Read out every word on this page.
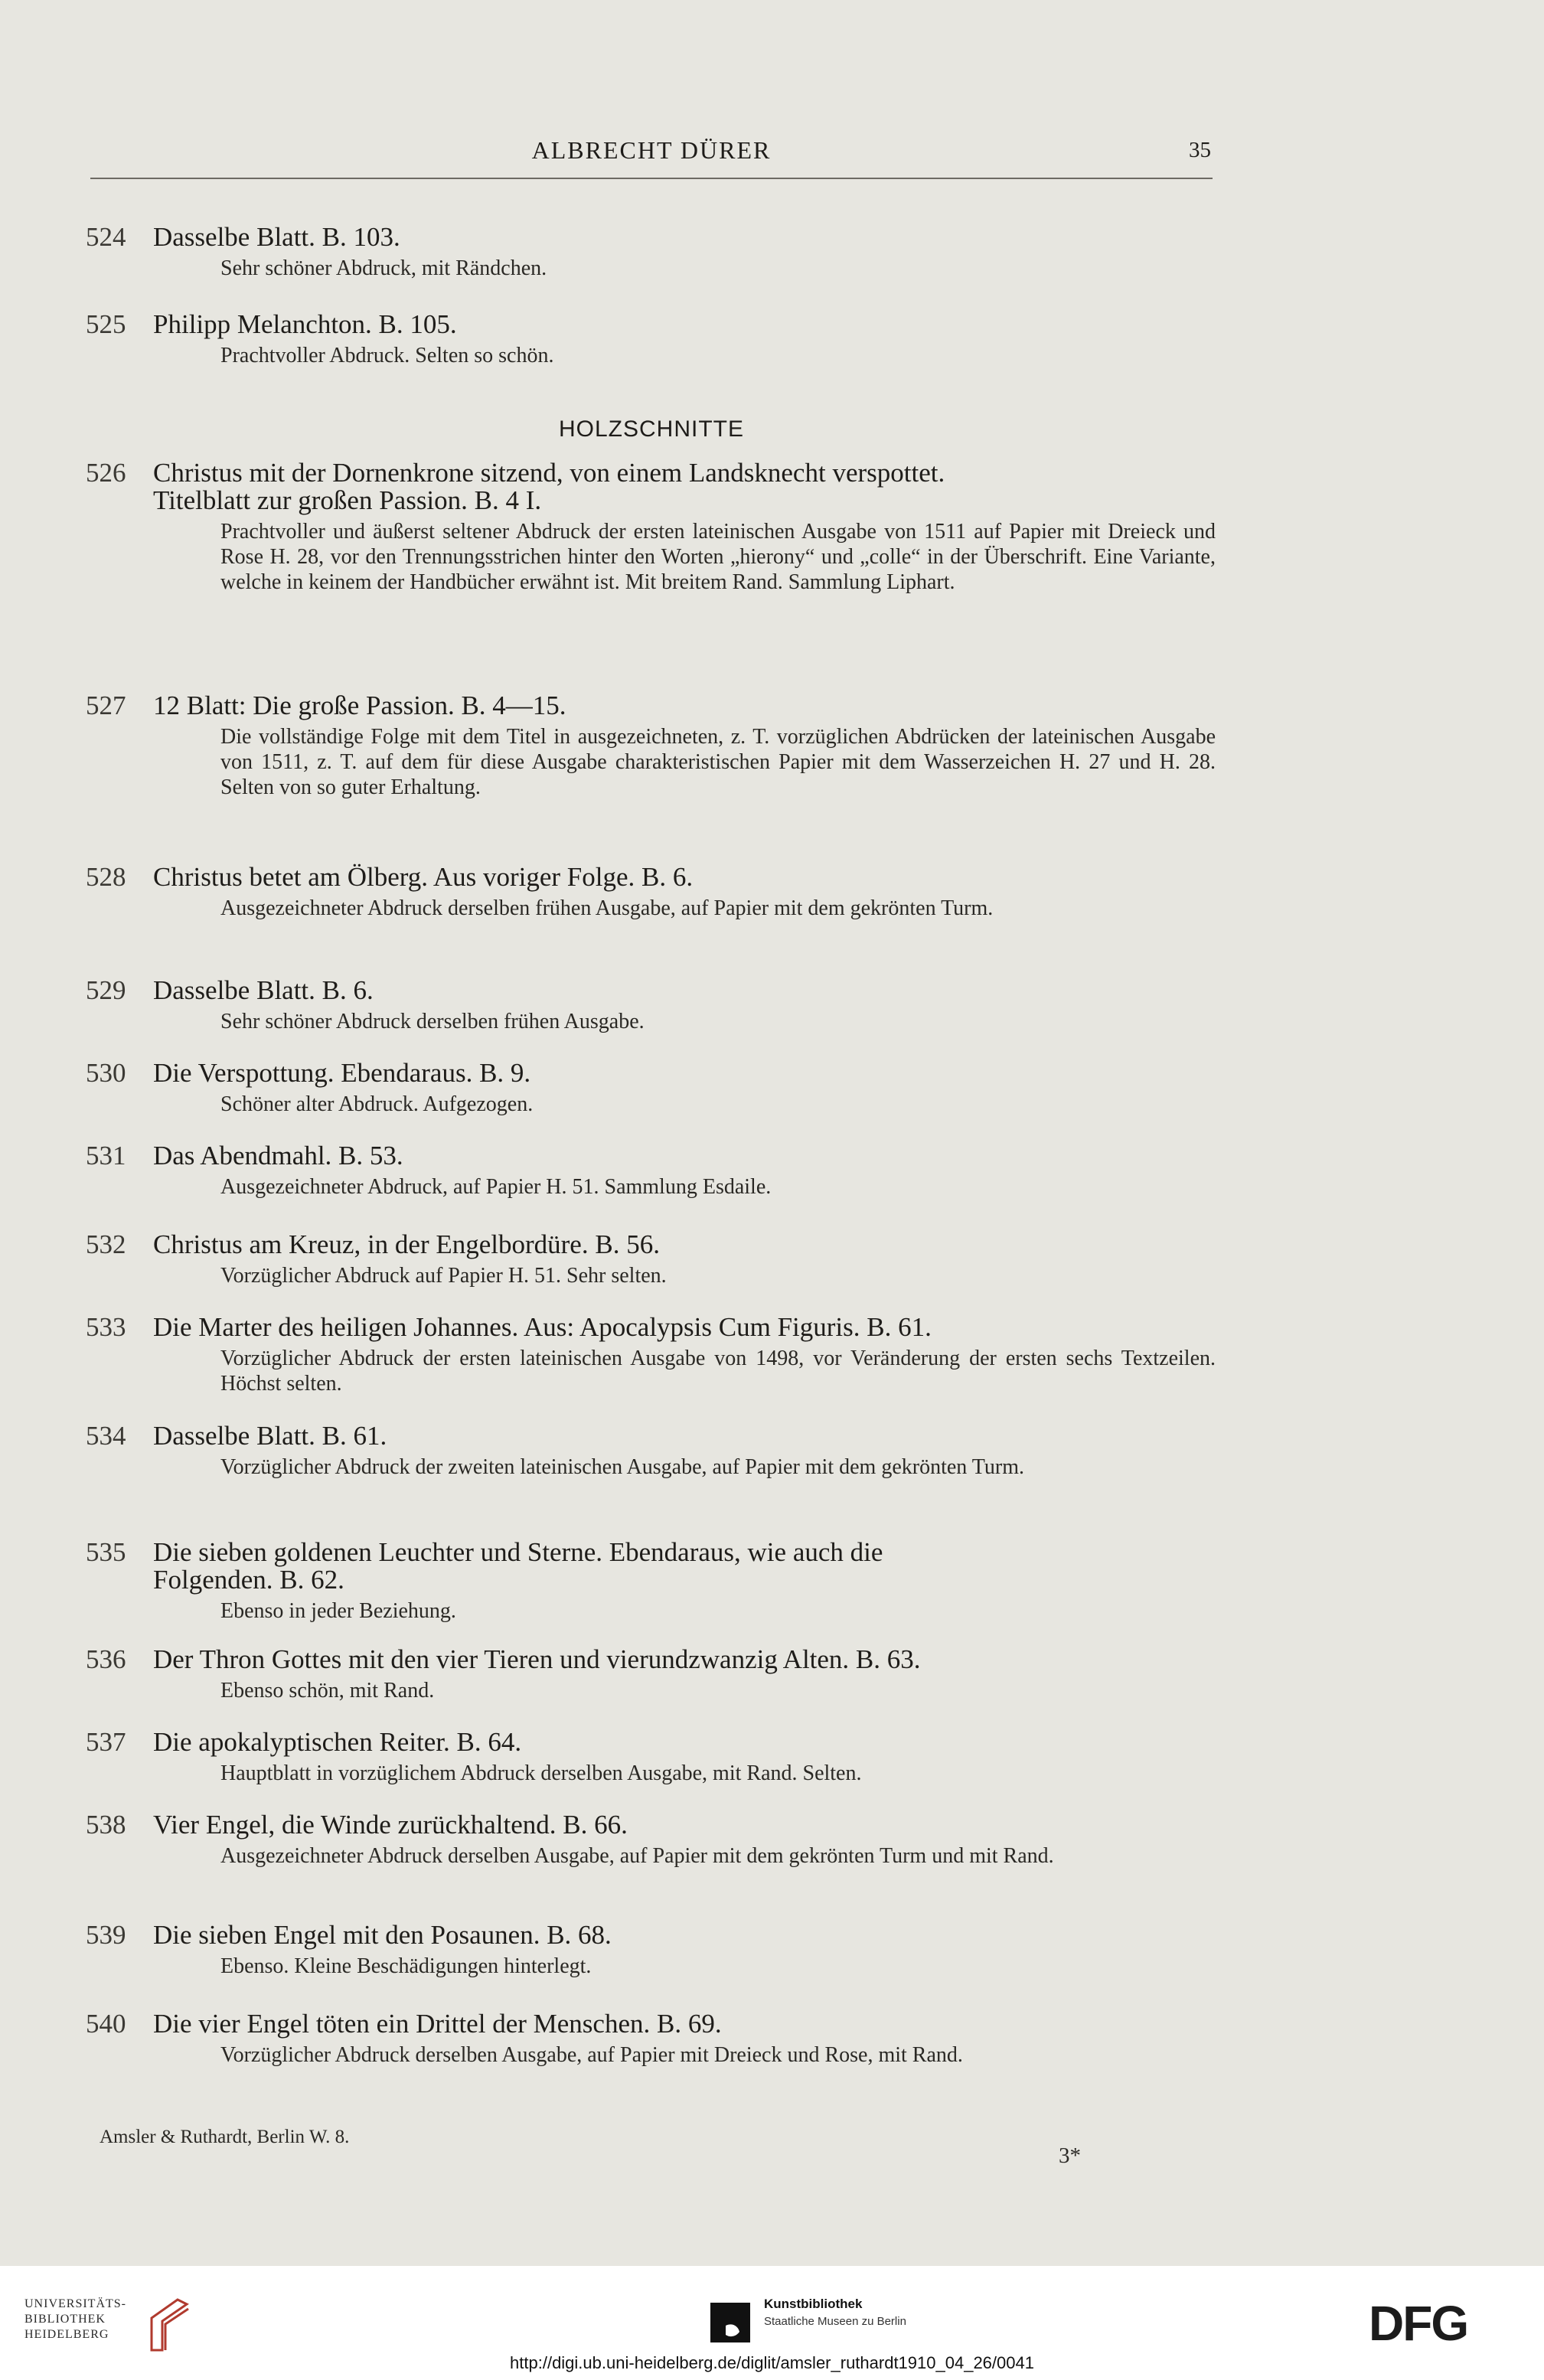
ALBRECHT DÜRER	35
HOLZSCHNITTE
524 Dasselbe Blatt. B. 103.
Sehr schöner Abdruck, mit Rändchen.
525 Philipp Melanchton. B. 105.
Prachtvoller Abdruck. Selten so schön.
526 Christus mit der Dornenkrone sitzend, von einem Landsknecht verspottet.
Titelblatt zur großen Passion. B. 4 I.
Prachtvoller und äußerst seltener Abdruck der ersten lateinischen Ausgabe von 1511 auf Papier mit Dreieck und Rose H. 28, vor den Trennungsstrichen hinter den Worten „hierony“ und „colle“ in der Überschrift. Eine Variante, welche in keinem der Handbücher erwähnt ist. Mit breitem Rand. Sammlung Liphart.
527 12 Blatt: Die große Passion. B. 4—15.
Die vollständige Folge mit dem Titel in ausgezeichneten, z. T. vorzüglichen Abdrücken der lateinischen Ausgabe von 1511, z. T. auf dem für diese Ausgabe charakteristischen Papier mit dem Wasserzeichen H. 27 und H. 28. Selten von so guter Erhaltung.
528 Christus betet am Ölberg. Aus voriger Folge. B. 6.
Ausgezeichneter Abdruck derselben frühen Ausgabe, auf Papier mit dem gekrönten Turm.
529 Dasselbe Blatt. B. 6.
Sehr schöner Abdruck derselben frühen Ausgabe.
530 Die Verspottung. Ebendaraus. B. 9.
Schöner alter Abdruck. Aufgezogen.
531 Das Abendmahl. B. 53.
Ausgezeichneter Abdruck, auf Papier H. 51. Sammlung Esdaile.
532 Christus am Kreuz, in der Engelbordüre. B. 56.
Vorzüglicher Abdruck auf Papier H. 51. Sehr selten.
533 Die Marter des heiligen Johannes. Aus: Apocalypsis Cum Figuris. B. 61.
Vorzüglicher Abdruck der ersten lateinischen Ausgabe von 1498, vor Veränderung der ersten sechs Textzeilen. Höchst selten.
534 Dasselbe Blatt. B. 61.
Vorzüglicher Abdruck der zweiten lateinischen Ausgabe, auf Papier mit dem gekrönten Turm.
535 Die sieben goldenen Leuchter und Sterne. Ebendaraus, wie auch die
Folgenden. B. 62.
Ebenso in jeder Beziehung.
536 Der Thron Gottes mit den vier Tieren und vierundzwanzig Alten. B. 63.
Ebenso schön, mit Rand.
537 Die apokalyptischen Reiter. B. 64.
Hauptblatt in vorzüglichem Abdruck derselben Ausgabe, mit Rand. Selten.
538 Vier Engel, die Winde zurückhaltend. B. 66.
Ausgezeichneter Abdruck derselben Ausgabe, auf Papier mit dem gekrönten Turm und mit Rand.
539 Die sieben Engel mit den Posaunen. B. 68.
Ebenso. Kleine Beschädigungen hinterlegt.
540 Die vier Engel töten ein Drittel der Menschen. B. 69.
Vorzüglicher Abdruck derselben Ausgabe, auf Papier mit Dreieck und Rose, mit Rand.
Amsler & Ruthardt, Berlin W. 8.
3*
UNIVERSITÄTS-
BIBLIOTHEK
HEIDELBERG
Kunstbibliothek
Staatliche Museen zu Berlin	DFG
http://digi.ub.uni-heidelberg.de/diglit/amsler_ruthardt1910_04_26/0041
